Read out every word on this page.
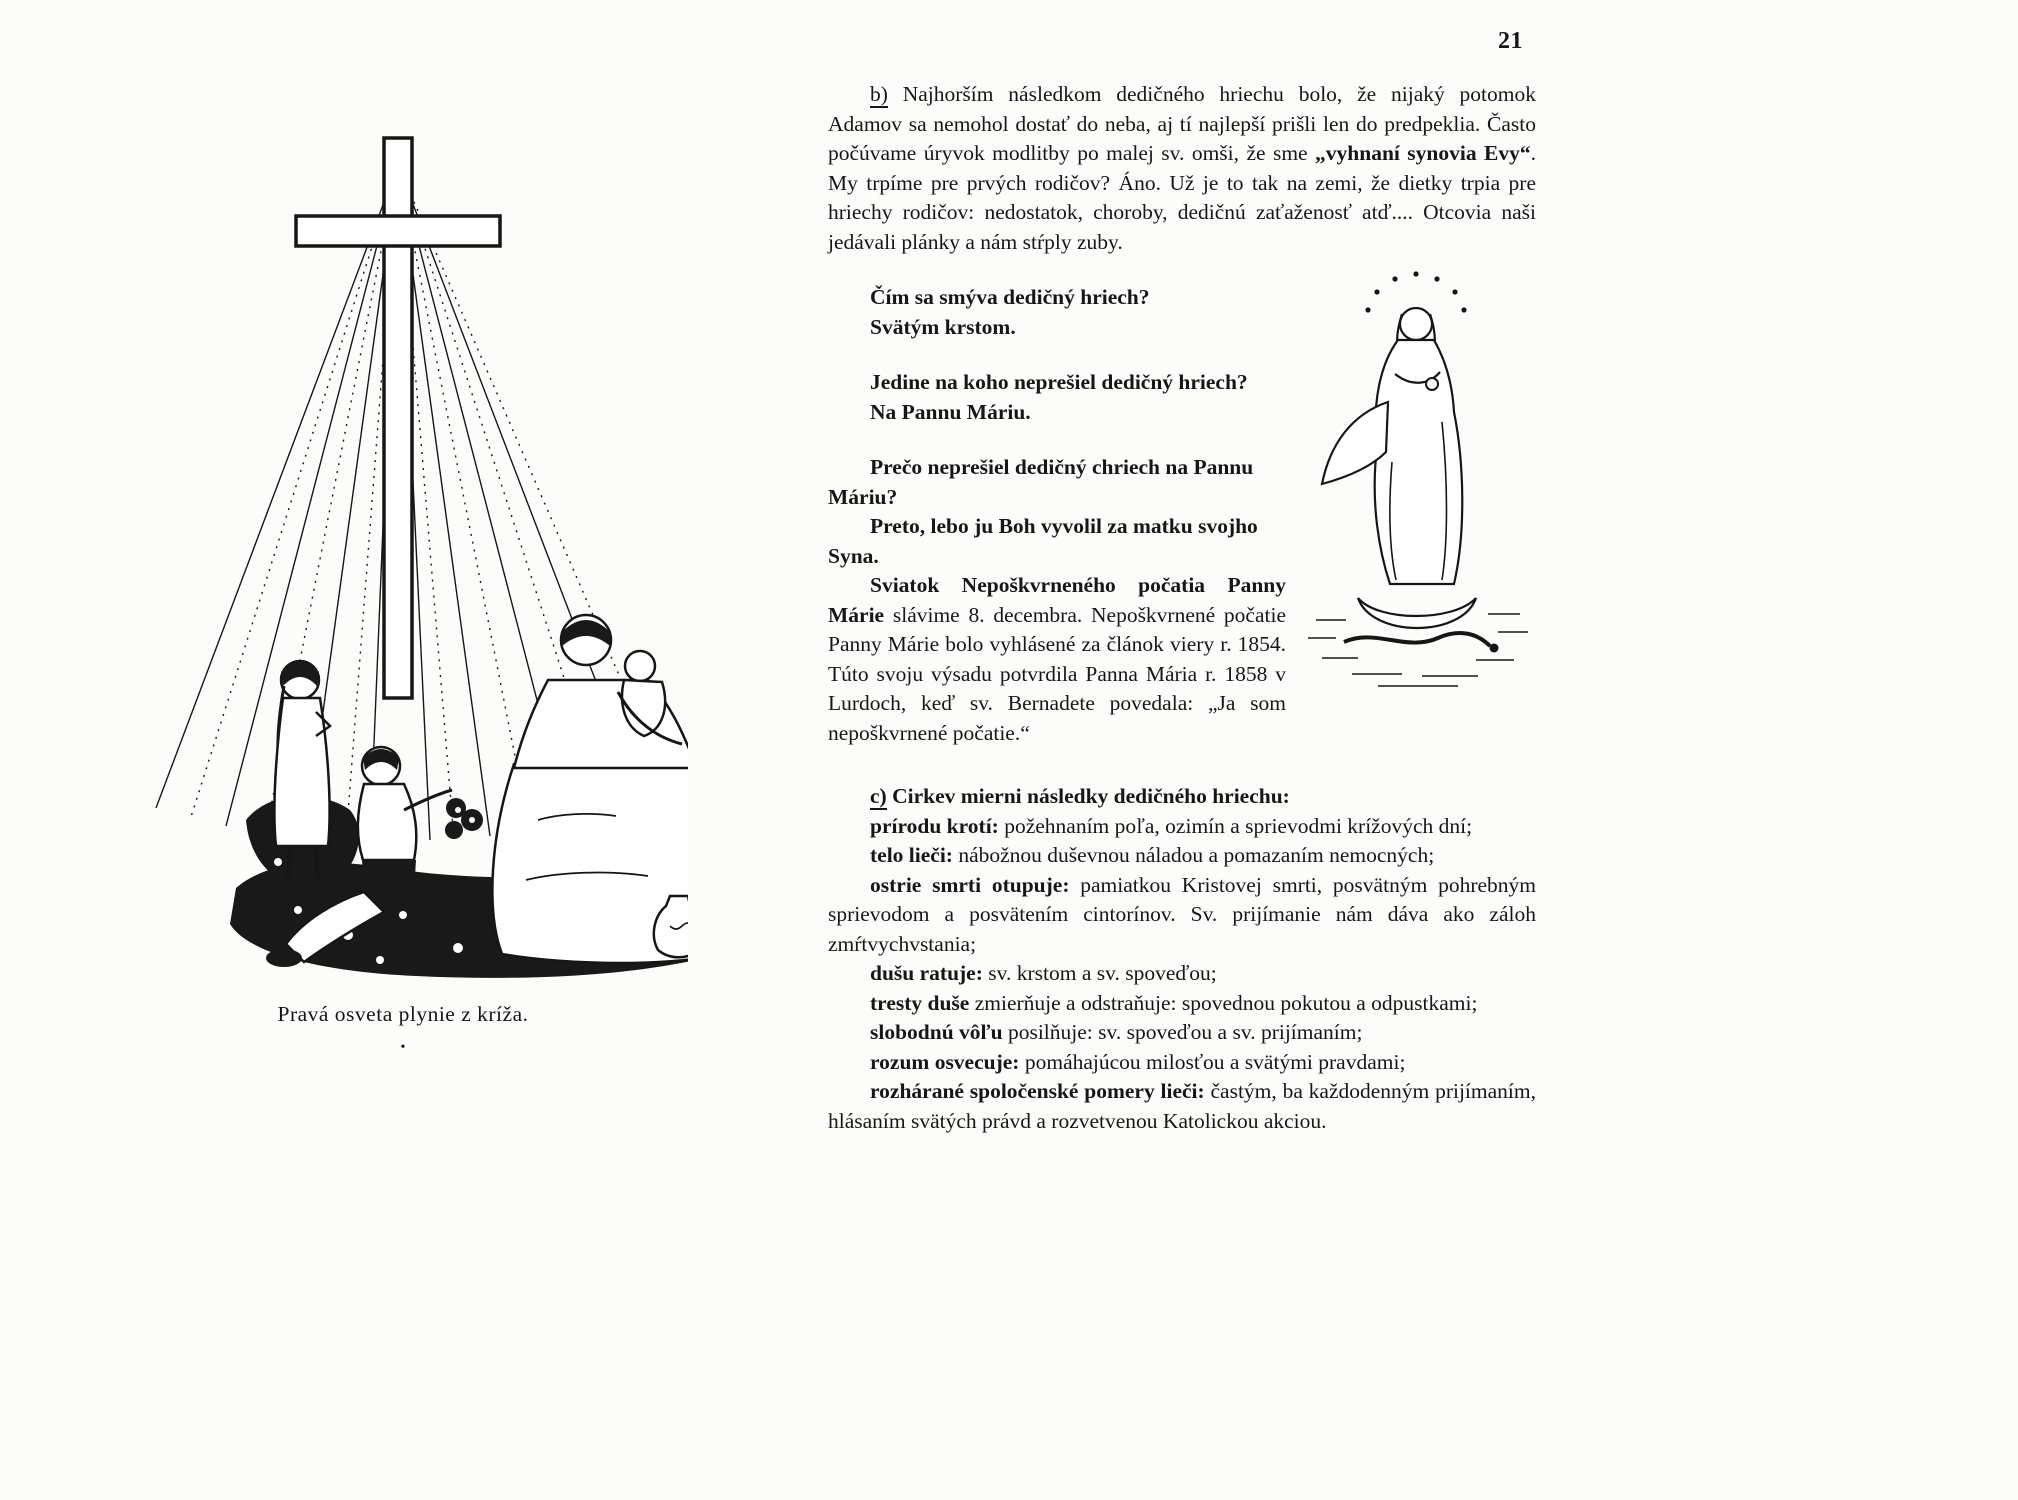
21
Pravá osveta plynie z kríža.
•

b) Najhorším následkom dedičného hriechu bolo, že nijaký potomok Adamov sa nemohol dostať do neba, aj tí najlepší prišli len do predpeklia. Často počúvame úryvok modlitby po malej sv. omši, že sme „vyhnaní synovia Evy“. My trpíme pre prvých rodičov? Áno. Už je to tak na zemi, že dietky trpia pre hriechy rodičov: nedostatok, choroby, dedičnú zaťaženosť atď.... Otcovia naši jedávali plánky a nám stŕply zuby.

Čím sa smýva dedičný hriech?

Svätým krstom.

Jedine na koho neprešiel dedičný hriech?

Na Pannu Máriu.

Prečo neprešiel dedičný chriech na Pannu Máriu?

Preto, lebo ju Boh vyvolil za matku svojho Syna.

Sviatok Nepoškvrneného počatia Panny Márie slávime 8. decembra. Nepoškvrnené počatie Panny Márie bolo vyhlásené za článok viery r. 1854. Túto svoju výsadu potvrdila Panna Mária r. 1858 v Lurdoch, keď sv. Bernadete povedala: „Ja som nepoškvrnené počatie.“

c) Cirkev mierni následky dedičného hriechu:

prírodu krotí: požehnaním poľa, ozimín a sprievodmi krížových dní;

telo lieči: nábožnou duševnou náladou a pomazaním nemocných;

ostrie smrti otupuje: pamiatkou Kristovej smrti, posvätným pohrebným sprievodom a posvätením cintorínov. Sv. prijímanie nám dáva ako záloh zmŕtvychvstania;

dušu ratuje: sv. krstom a sv. spoveďou;

tresty duše zmierňuje a odstraňuje: spovednou pokutou a odpustkami;

slobodnú vôľu posilňuje: sv. spoveďou a sv. prijímaním;

rozum osvecuje: pomáhajúcou milosťou a svätými pravdami;

rozhárané spoločenské pomery lieči: častým, ba každodenným prijímaním, hlásaním svätých právd a rozvetvenou Katolickou akciou.
